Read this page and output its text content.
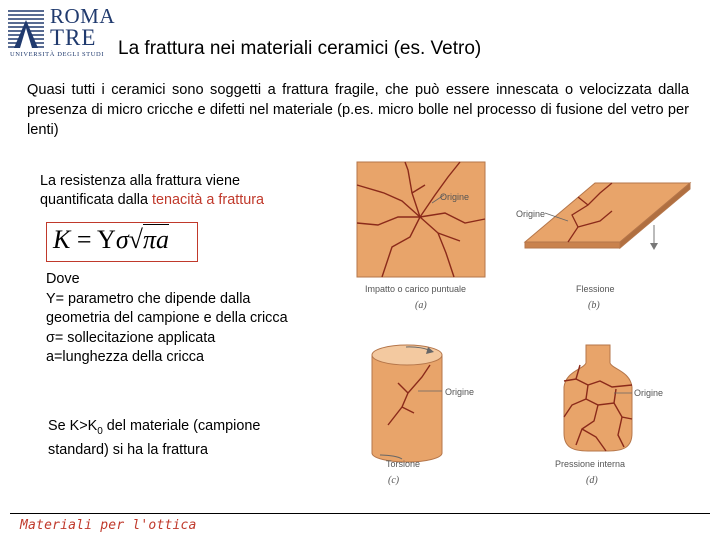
ROMA
TRE
UNIVERSITÀ DEGLI STUDI La frattura nei materiali ceramici (es. Vetro)
Quasi tutti i ceramici sono soggetti a frattura fragile, che può essere innescata o velocizzata dalla presenza di micro cricche e difetti nel materiale (p.es. micro bolle nel processo di fusione del vetro per lenti)
La resistenza alla frattura viene
quantificata dalla tenacità a frattura
K = Yσ√πa
Dove
Y= parametro che dipende dalla
geometria del campione e della cricca
σ= sollecitazione applicata
a=lunghezza della cricca
Se $K>K_0$ del materiale (campione
standard) si ha la frattura
Origine
Impatto o carico puntuale
(a)
Origine
Flessione
(b)
Origine
Torsione
(c)
Origine
Pressione interna
(d)
Materiali per l'ottica
